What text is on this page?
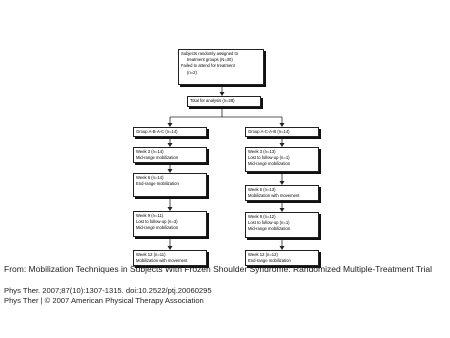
Subjects randomly assigned to
treatment groups (N=30)
Failed to attend for treatment
(n=2)
Total for analysis (n=28)
Group A-B-A-C (n=14)
Week 3 (n=14)
Mid-range mobilization
Week 6 (n=14)
End-range mobilization
Week 9 (n=11)
Lost to follow-up (n=3)
Mid-range mobilization
Week 12 (n=11)
Mobilization with movement
Group A-C-A-B (n=14)
Week 3 (n=13)
Lost to follow-up (n=1)
Mid-range mobilization
Week 6 (n=13)
Mobilization with movement
Week 9 (n=12)
Lost to follow-up (n=1)
Mid-range mobilization
Week 12 (n=12)
End-range mobilization
From: Mobilization Techniques in Subjects With Frozen Shoulder Syndrome: Randomized Multiple-Treatment Trial
Phys Ther. 2007;87(10):1307-1315. doi:10.2522/ptj.20060295
Phys Ther | © 2007 American Physical Therapy Association
